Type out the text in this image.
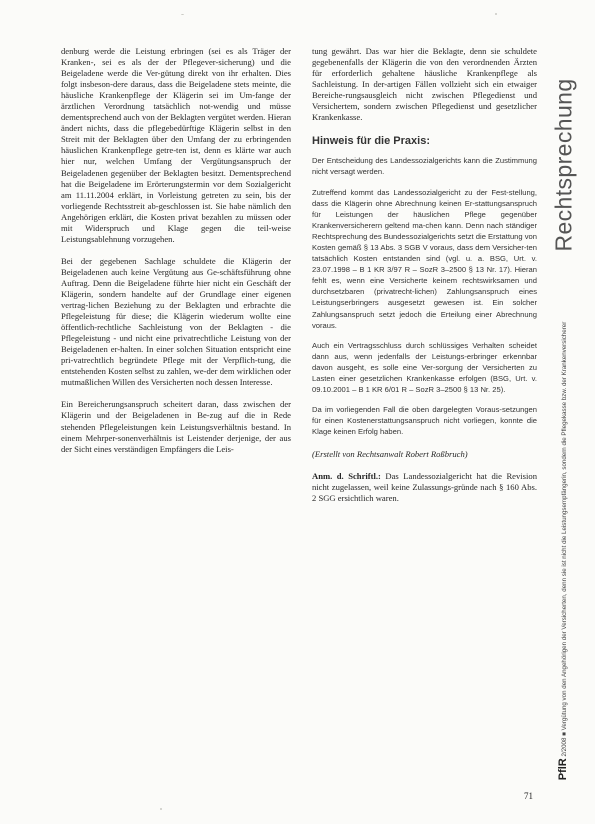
denburg werde die Leistung erbringen (sei es als Träger der Kranken-, sei es als der der Pflegever-sicherung) und die Beigeladene werde die Ver-gütung direkt von ihr erhalten. Dies folgt insbeson-dere daraus, dass die Beigeladene stets meinte, die häusliche Krankenpflege der Klägerin sei im Um-fange der ärztlichen Verordnung tatsächlich not-wendig und müsse dementsprechend auch von der Beklagten vergütet werden. Hieran ändert nichts, dass die pflegebedürftige Klägerin selbst in den Streit mit der Beklagten über den Umfang der zu erbringenden häuslichen Krankenpflege getre-ten ist, denn es klärte war auch hier nur, welchen Umfang der Vergütungsanspruch der Beigeladenen gegenüber der Beklagten besitzt. Dementsprechend hat die Beigeladene im Erörterungstermin vor dem Sozialgericht am 11.11.2004 erklärt, in Vorleistung getreten zu sein, bis der vorliegende Rechtsstreit ab-geschlossen ist. Sie habe nämlich den Angehörigen erklärt, die Kosten privat bezahlen zu müssen oder mit Widerspruch und Klage gegen die teil-weise Leistungsablehnung vorzugehen.

Bei der gegebenen Sachlage schuldete die Klägerin der Beigeladenen auch keine Vergütung aus Ge-schäftsführung ohne Auftrag. Denn die Beigeladene führte hier nicht ein Geschäft der Klägerin, sondern handelte auf der Grundlage einer eigenen vertrag-lichen Beziehung zu der Beklagten und erbrachte die Pflegeleistung für diese; die Klägerin wiederum wollte eine öffentlich-rechtliche Sachleistung von der Beklagten - die Pflegeleistung - und nicht eine privatrechtliche Leistung von der Beigeladenen er-halten. In einer solchen Situation entspricht eine pri-vatrechtlich begründete Pflege mit der Verpflich-tung, die entstehenden Kosten selbst zu zahlen, we-der dem wirklichen oder mutmaßlichen Willen des Versicherten noch dessen Interesse.

Ein Bereicherungsanspruch scheitert daran, dass zwischen der Klägerin und der Beigeladenen in Be-zug auf die in Rede stehenden Pflegeleistungen kein Leistungsverhältnis bestand. In einem Mehrper-sonenverhältnis ist Leistender derjenige, der aus der Sicht eines verständigen Empfängers die Leis-

tung gewährt. Das war hier die Beklagte, denn sie schuldete gegebenenfalls der Klägerin die von den verordnenden Ärzten für erforderlich gehaltene häusliche Krankenpflege als Sachleistung. In der-artigen Fällen vollzieht sich ein etwaiger Bereiche-rungsausgleich nicht zwischen Pflegedienst und Versichertem, sondern zwischen Pflegedienst und gesetzlicher Krankenkasse.

Hinweis für die Praxis:

Der Entscheidung des Landessozialgerichts kann die Zustimmung nicht versagt werden.

Zutreffend kommt das Landessozialgericht zu der Fest-stellung, dass die Klägerin ohne Abrechnung keinen Er-stattungsanspruch für Leistungen der häuslichen Pflege gegenüber Krankenversicherern geltend ma-chen kann. Denn nach ständiger Rechtsprechung des Bundessozialgerichts setzt die Erstattung von Kosten gemäß § 13 Abs. 3 SGB V voraus, dass dem Versicher-ten tatsächlich Kosten entstanden sind (vgl. u. a. BSG, Urt. v. 23.07.1998 – B 1 KR 3/97 R – SozR 3–2500 § 13 Nr. 17). Hieran fehlt es, wenn eine Versicherte keinem rechtswirksamen und durchsetzbaren (privatrecht-lichen) Zahlungsanspruch eines Leistungserbringers ausgesetzt gewesen ist. Ein solcher Zahlungsanspruch setzt jedoch die Erteilung einer Abrechnung voraus.

Auch ein Vertragsschluss durch schlüssiges Verhalten scheidet dann aus, wenn jedenfalls der Leistungs-erbringer erkennbar davon ausgeht, es solle eine Ver-sorgung der Versicherten zu Lasten einer gesetzlichen Krankenkasse erfolgen (BSG, Urt. v. 09.10.2001 – B 1 KR 6/01 R – SozR 3–2500 § 13 Nr. 25).

Da im vorliegenden Fall die oben dargelegten Voraus-setzungen für einen Kostenerstattungsanspruch nicht vorliegen, konnte die Klage keinen Erfolg haben.

(Erstellt von Rechtsanwalt Robert Roßbruch)

Anm. d. Schriftl.: Das Landessozialgericht hat die Revision nicht zugelassen, weil keine Zulassungs-gründe nach § 160 Abs. 2 SGG ersichtlich waren.

Rechtsprechung
PflR 2/2008 ■ Vergütung von den Angehörigen der Versicherten, denn sie ist nicht die Leistungsempfängerin, sondern die Pflegekasse bzw. der Krankenversicherer
71
